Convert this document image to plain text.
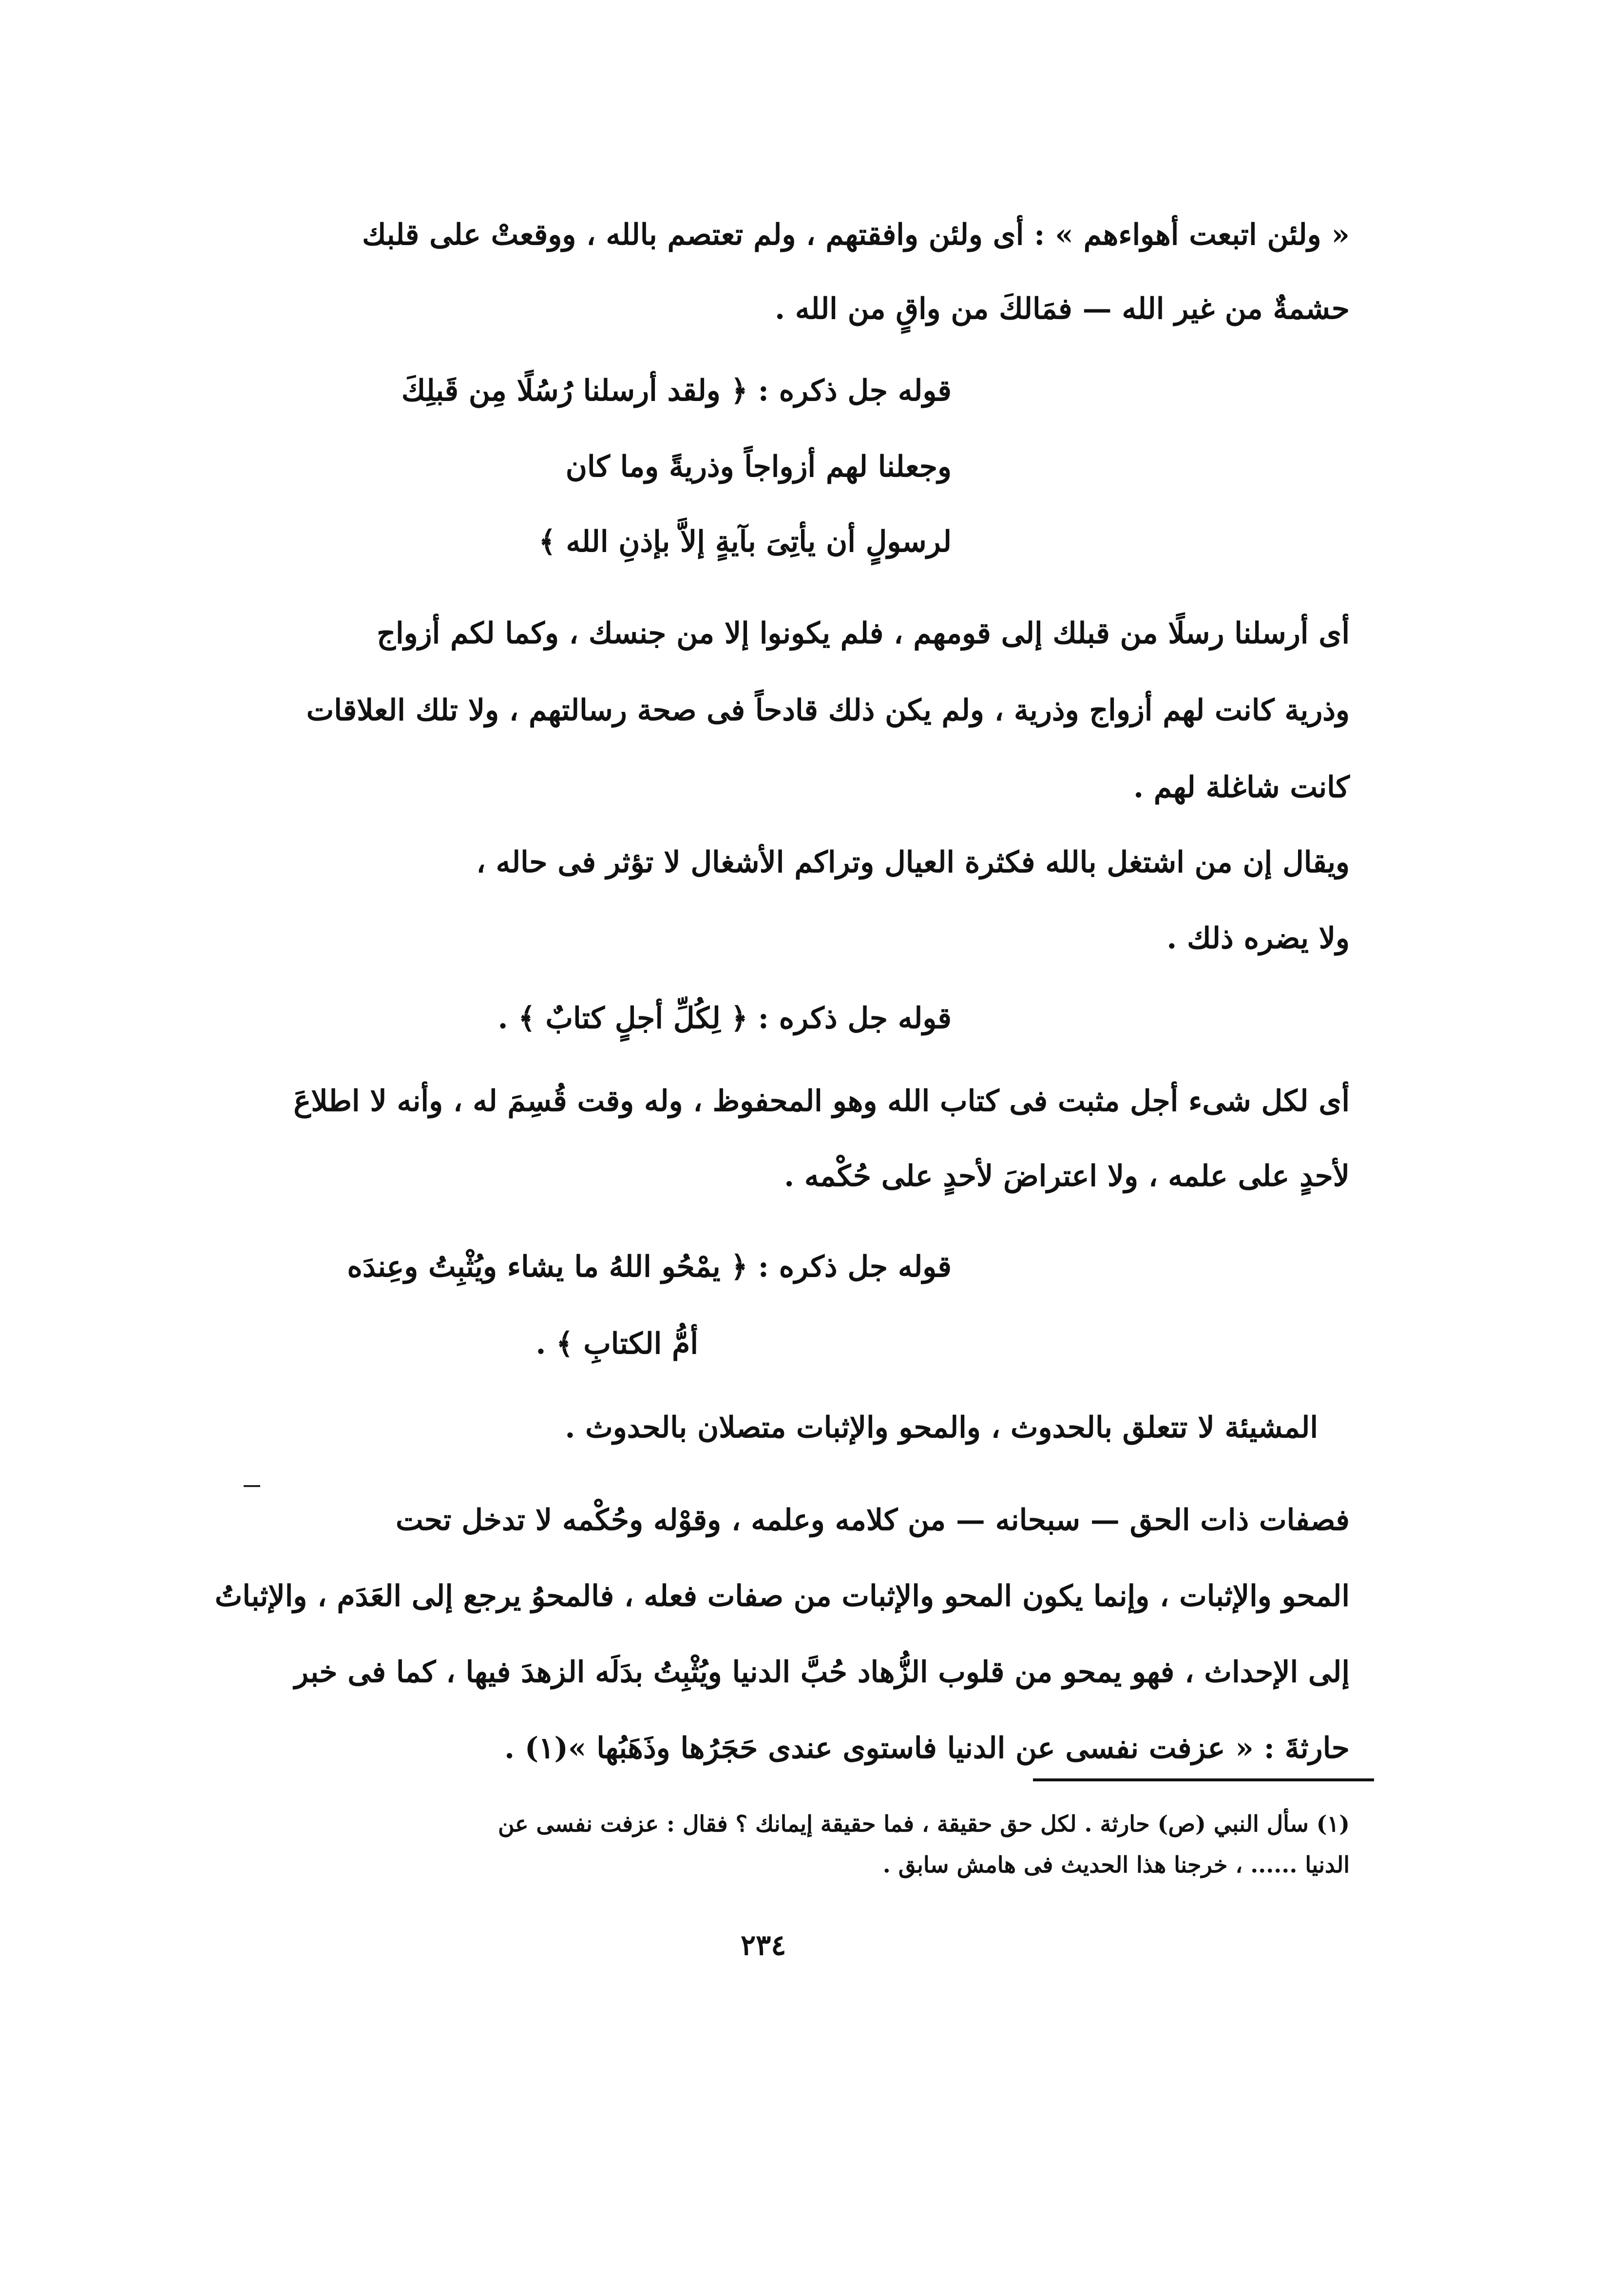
« ولئن اتبعت أهواءهم » : أى ولئن وافقتهم ، ولم تعتصم بالله ، ووقعتْ على قلبك
حشمةٌ من غير الله — فمَالكَ من واقٍ من الله .
قوله جل ذكره : ﴿ ولقد أرسلنا رُسُلًا مِن قَبلِكَ
وجعلنا لهم أزواجاً وذريةً وما كان
لرسولٍ أن يأتِىَ بآيةٍ إلاَّ بإذنِ الله ﴾
أى أرسلنا رسلًا من قبلك إلى قومهم ، فلم يكونوا إلا من جنسك ، وكما لكم أزواج
وذرية كانت لهم أزواج وذرية ، ولم يكن ذلك قادحاً فى صحة رسالتهم ، ولا تلك العلاقات
كانت شاغلة لهم .
ويقال إن من اشتغل بالله فكثرة العيال وتراكم الأشغال لا تؤثر فى حاله ،
ولا يضره ذلك .
قوله جل ذكره : ﴿ لِكُلِّ أجلٍ كتابٌ ﴾ .
أى لكل شىء أجل مثبت فى كتاب الله وهو المحفوظ ، وله وقت قُسِمَ له ، وأنه لا اطلاعَ
لأحدٍ على علمه ، ولا اعتراضَ لأحدٍ على حُكْمه .
قوله جل ذكره : ﴿ يمْحُو اللهُ ما يشاء ويُثْبِتُ وعِندَه
أمُّ الكتابِ ﴾ .
المشيئة لا تتعلق بالحدوث ، والمحو والإثبات متصلان بالحدوث .
فصفات ذات الحق — سبحانه — من كلامه وعلمه ، وقوْله وحُكْمه لا تدخل تحت
المحو والإثبات ، وإنما يكون المحو والإثبات من صفات فعله ، فالمحوُ يرجع إلى العَدَم ، والإثباتُ
إلى الإحداث ، فهو يمحو من قلوب الزُّهاد حُبَّ الدنيا ويُثْبِتُ بدَلَه الزهدَ فيها ، كما فى خبر
حارثةَ : « عزفت نفسى عن الدنيا فاستوى عندى حَجَرُها وذَهَبُها »(١) .
(١) سأل النبي (ص) حارثة . لكل حق حقيقة ، فما حقيقة إيمانك ؟ فقال : عزفت نفسى عن
الدنيا ...... ، خرجنا هذا الحديث فى هامش سابق .
٢٣٤
